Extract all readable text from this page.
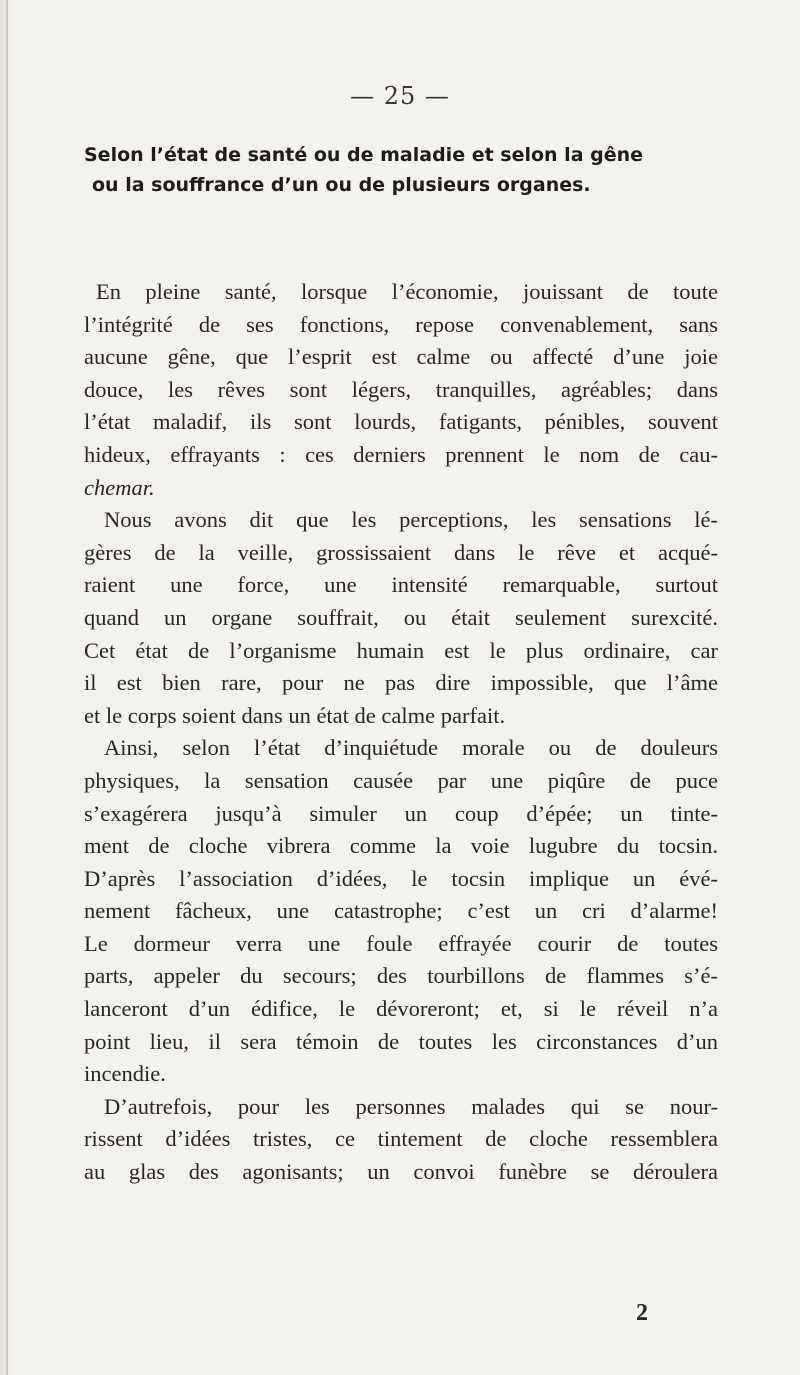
— 25 —
Selon l’état de santé ou de maladie et selon la gêne
ou la souffrance d’un ou de plusieurs organes.
En pleine santé, lorsque l’économie, jouissant de toute
l’intégrité de ses fonctions, repose convenablement, sans
aucune gêne, que l’esprit est calme ou affecté d’une joie
douce, les rêves sont légers, tranquilles, agréables; dans
l’état maladif, ils sont lourds, fatigants, pénibles, souvent
hideux, effrayants : ces derniers prennent le nom de cau-
chemar.
Nous avons dit que les perceptions, les sensations lé-
gères de la veille, grossissaient dans le rêve et acqué-
raient une force, une intensité remarquable, surtout
quand un organe souffrait, ou était seulement surexcité.
Cet état de l’organisme humain est le plus ordinaire, car
il est bien rare, pour ne pas dire impossible, que l’âme
et le corps soient dans un état de calme parfait.
Ainsi, selon l’état d’inquiétude morale ou de douleurs
physiques, la sensation causée par une piqûre de puce
s’exagérera jusqu’à simuler un coup d’épée; un tinte-
ment de cloche vibrera comme la voie lugubre du tocsin.
D’après l’association d’idées, le tocsin implique un évé-
nement fâcheux, une catastrophe; c’est un cri d’alarme!
Le dormeur verra une foule effrayée courir de toutes
parts, appeler du secours; des tourbillons de flammes s’é-
lanceront d’un édifice, le dévoreront; et, si le réveil n’a
point lieu, il sera témoin de toutes les circonstances d’un
incendie.
D’autrefois, pour les personnes malades qui se nour-
rissent d’idées tristes, ce tintement de cloche ressemblera
au glas des agonisants; un convoi funèbre se déroulera
2
